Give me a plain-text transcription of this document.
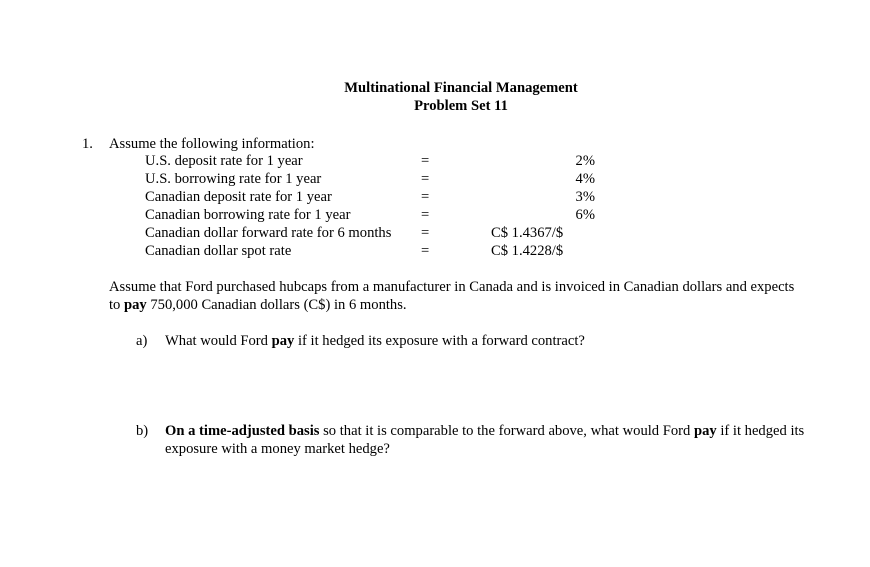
Multinational Financial Management
Problem Set 11
1. Assume the following information:
U.S. deposit rate for 1 year	=	2%
U.S. borrowing rate for 1 year	=	4%
Canadian deposit rate for 1 year	=	3%
Canadian borrowing rate for 1 year	=	6%
Canadian dollar forward rate for 6 months	=	C$ 1.4367/$
Canadian dollar spot rate	=	C$ 1.4228/$
Assume that Ford purchased hubcaps from a manufacturer in Canada and is invoiced in Canadian dollars and expects to pay 750,000 Canadian dollars (C$) in 6 months.
a) What would Ford pay if it hedged its exposure with a forward contract?
b) On a time-adjusted basis so that it is comparable to the forward above, what would Ford pay if it hedged its exposure with a money market hedge?
